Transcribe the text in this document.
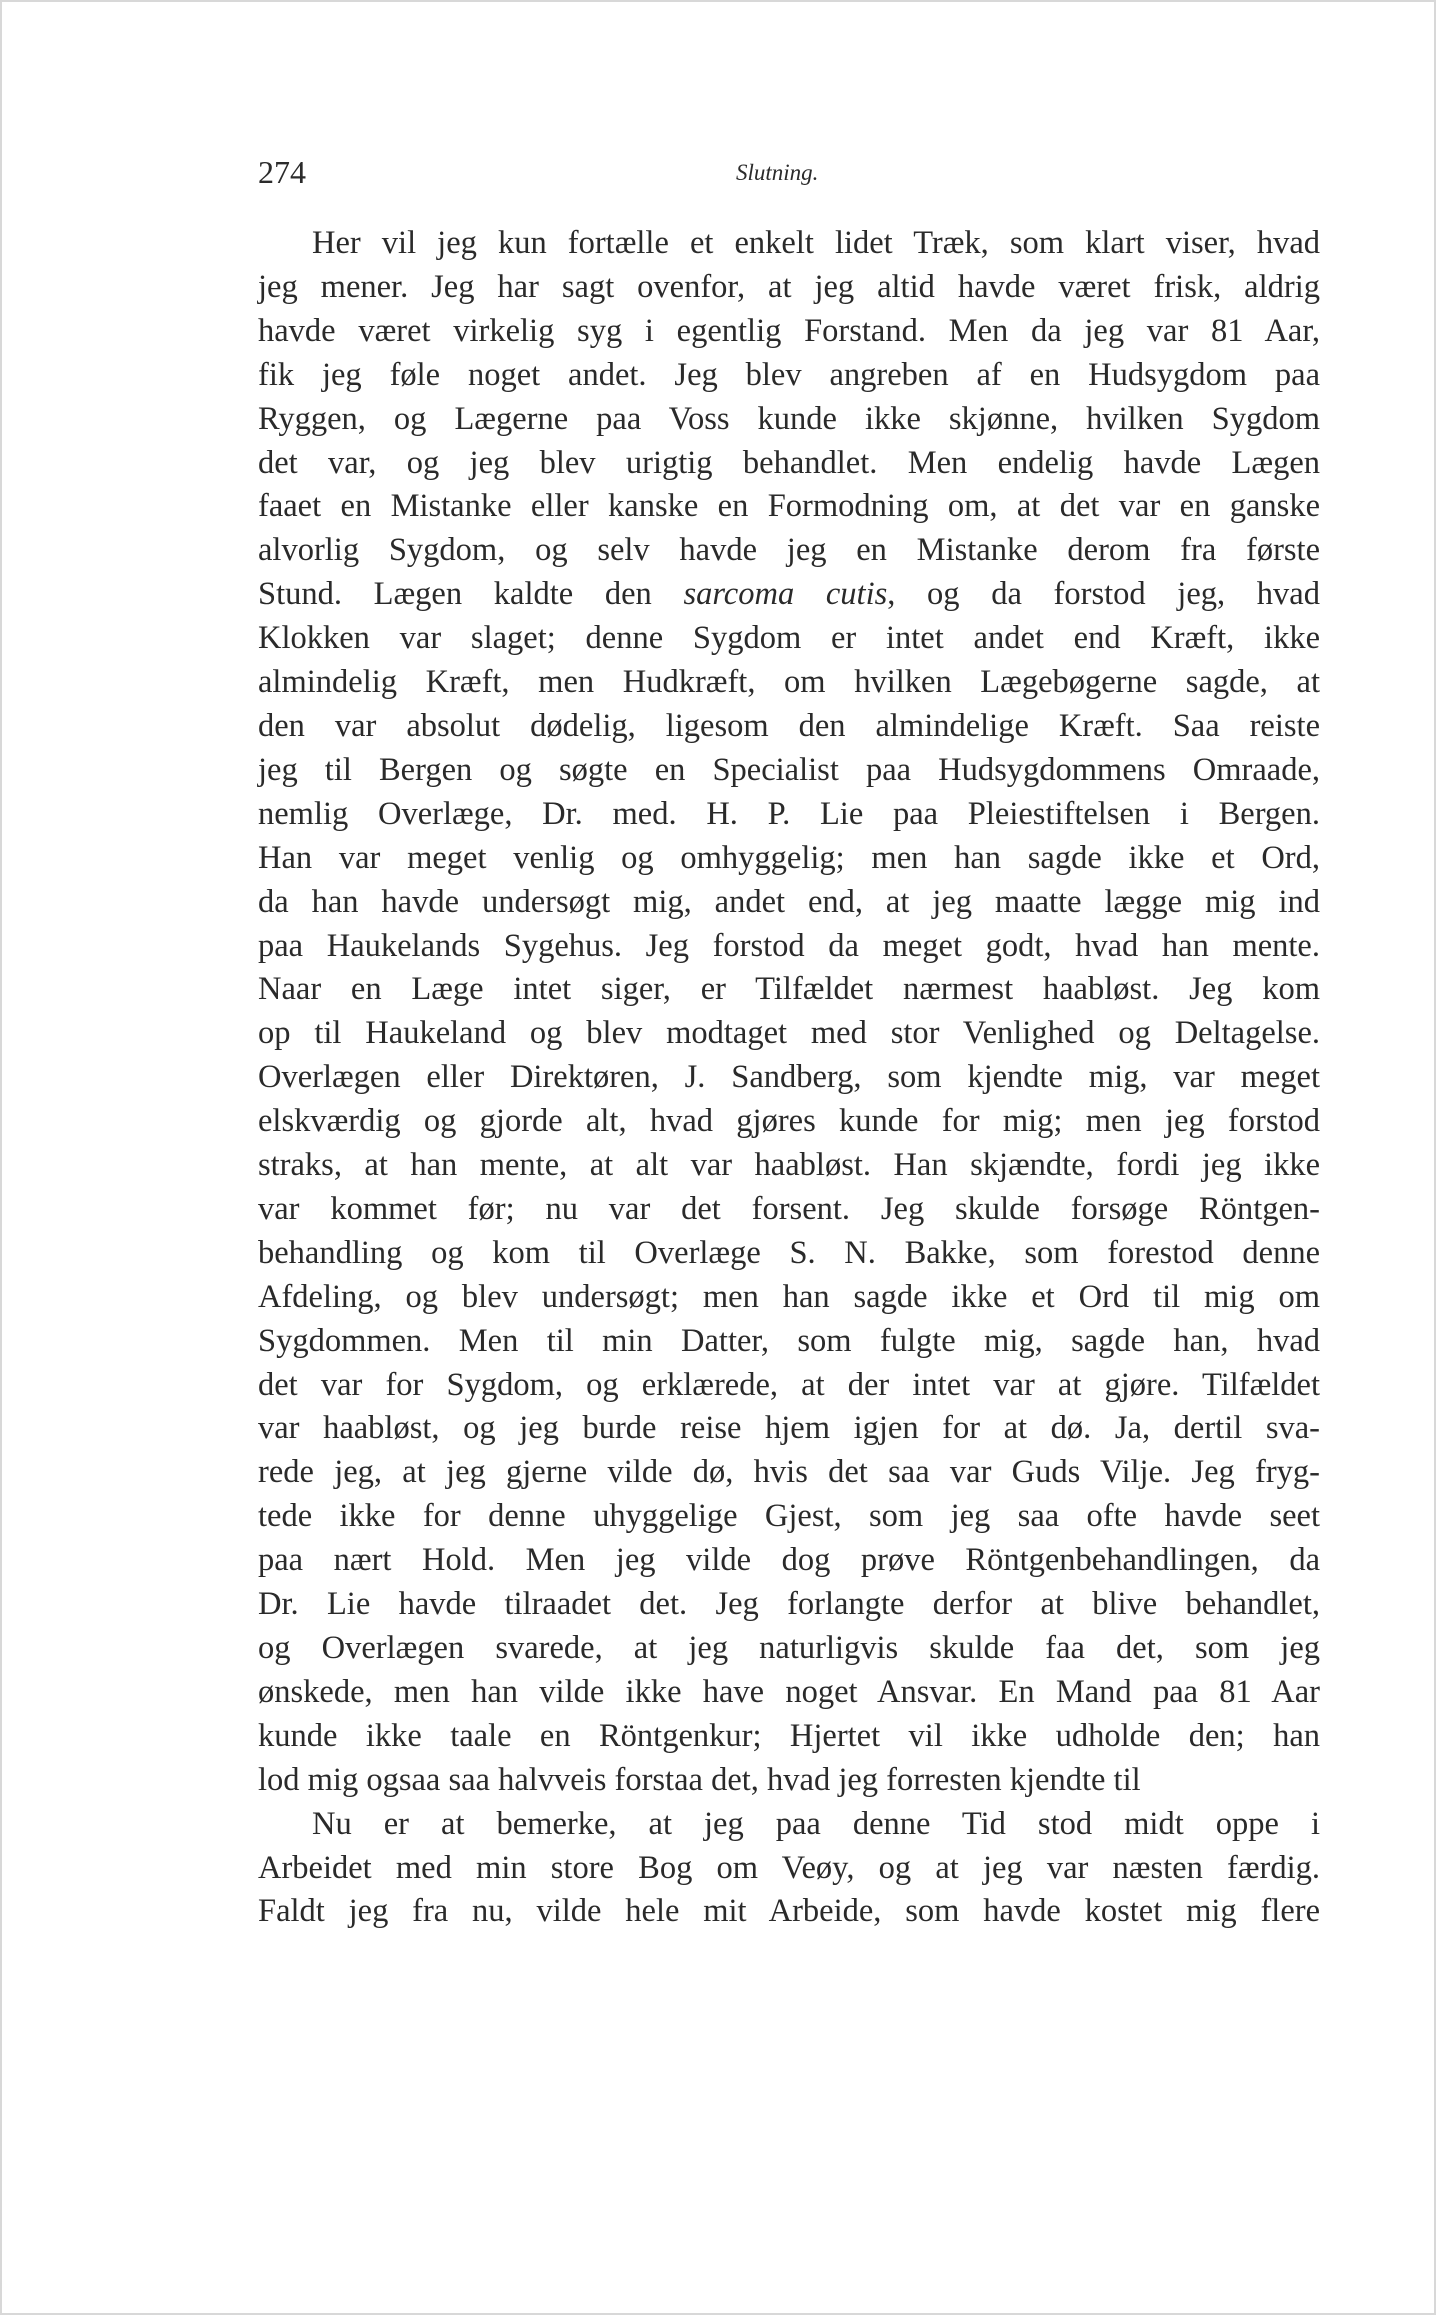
274	Slutning.
Her vil jeg kun fortælle et enkelt lidet Træk, som klart viser, hvad
jeg mener. Jeg har sagt ovenfor, at jeg altid havde været frisk, aldrig
havde været virkelig syg i egentlig Forstand. Men da jeg var 81 Aar,
fik jeg føle noget andet. Jeg blev angreben af en Hudsygdom paa
Ryggen, og Lægerne paa Voss kunde ikke skjønne, hvilken Sygdom
det var, og jeg blev urigtig behandlet. Men endelig havde Lægen
faaet en Mistanke eller kanske en Formodning om, at det var en ganske
alvorlig Sygdom, og selv havde jeg en Mistanke derom fra første
Stund. Lægen kaldte den sarcoma cutis, og da forstod jeg, hvad
Klokken var slaget; denne Sygdom er intet andet end Kræft, ikke
almindelig Kræft, men Hudkræft, om hvilken Lægebøgerne sagde, at
den var absolut dødelig, ligesom den almindelige Kræft. Saa reiste
jeg til Bergen og søgte en Specialist paa Hudsygdommens Omraade,
nemlig Overlæge, Dr. med. H. P. Lie paa Pleiestiftelsen i Bergen.
Han var meget venlig og omhyggelig; men han sagde ikke et Ord,
da han havde undersøgt mig, andet end, at jeg maatte lægge mig ind
paa Haukelands Sygehus. Jeg forstod da meget godt, hvad han mente.
Naar en Læge intet siger, er Tilfældet nærmest haabløst. Jeg kom
op til Haukeland og blev modtaget med stor Venlighed og Deltagelse.
Overlægen eller Direktøren, J. Sandberg, som kjendte mig, var meget
elskværdig og gjorde alt, hvad gjøres kunde for mig; men jeg forstod
straks, at han mente, at alt var haabløst. Han skjændte, fordi jeg ikke
var kommet før; nu var det forsent. Jeg skulde forsøge Röntgen-
behandling og kom til Overlæge S. N. Bakke, som forestod denne
Afdeling, og blev undersøgt; men han sagde ikke et Ord til mig om
Sygdommen. Men til min Datter, som fulgte mig, sagde han, hvad
det var for Sygdom, og erklærede, at der intet var at gjøre. Tilfældet
var haabløst, og jeg burde reise hjem igjen for at dø. Ja, dertil sva-
rede jeg, at jeg gjerne vilde dø, hvis det saa var Guds Vilje. Jeg fryg-
tede ikke for denne uhyggelige Gjest, som jeg saa ofte havde seet
paa nært Hold. Men jeg vilde dog prøve Röntgenbehandlingen, da
Dr. Lie havde tilraadet det. Jeg forlangte derfor at blive behandlet,
og Overlægen svarede, at jeg naturligvis skulde faa det, som jeg
ønskede, men han vilde ikke have noget Ansvar. En Mand paa 81 Aar
kunde ikke taale en Röntgenkur; Hjertet vil ikke udholde den; han
lod mig ogsaa saa halvveis forstaa det, hvad jeg forresten kjendte til
Nu er at bemerke, at jeg paa denne Tid stod midt oppe i
Arbeidet med min store Bog om Veøy, og at jeg var næsten færdig.
Faldt jeg fra nu, vilde hele mit Arbeide, som havde kostet mig flere
